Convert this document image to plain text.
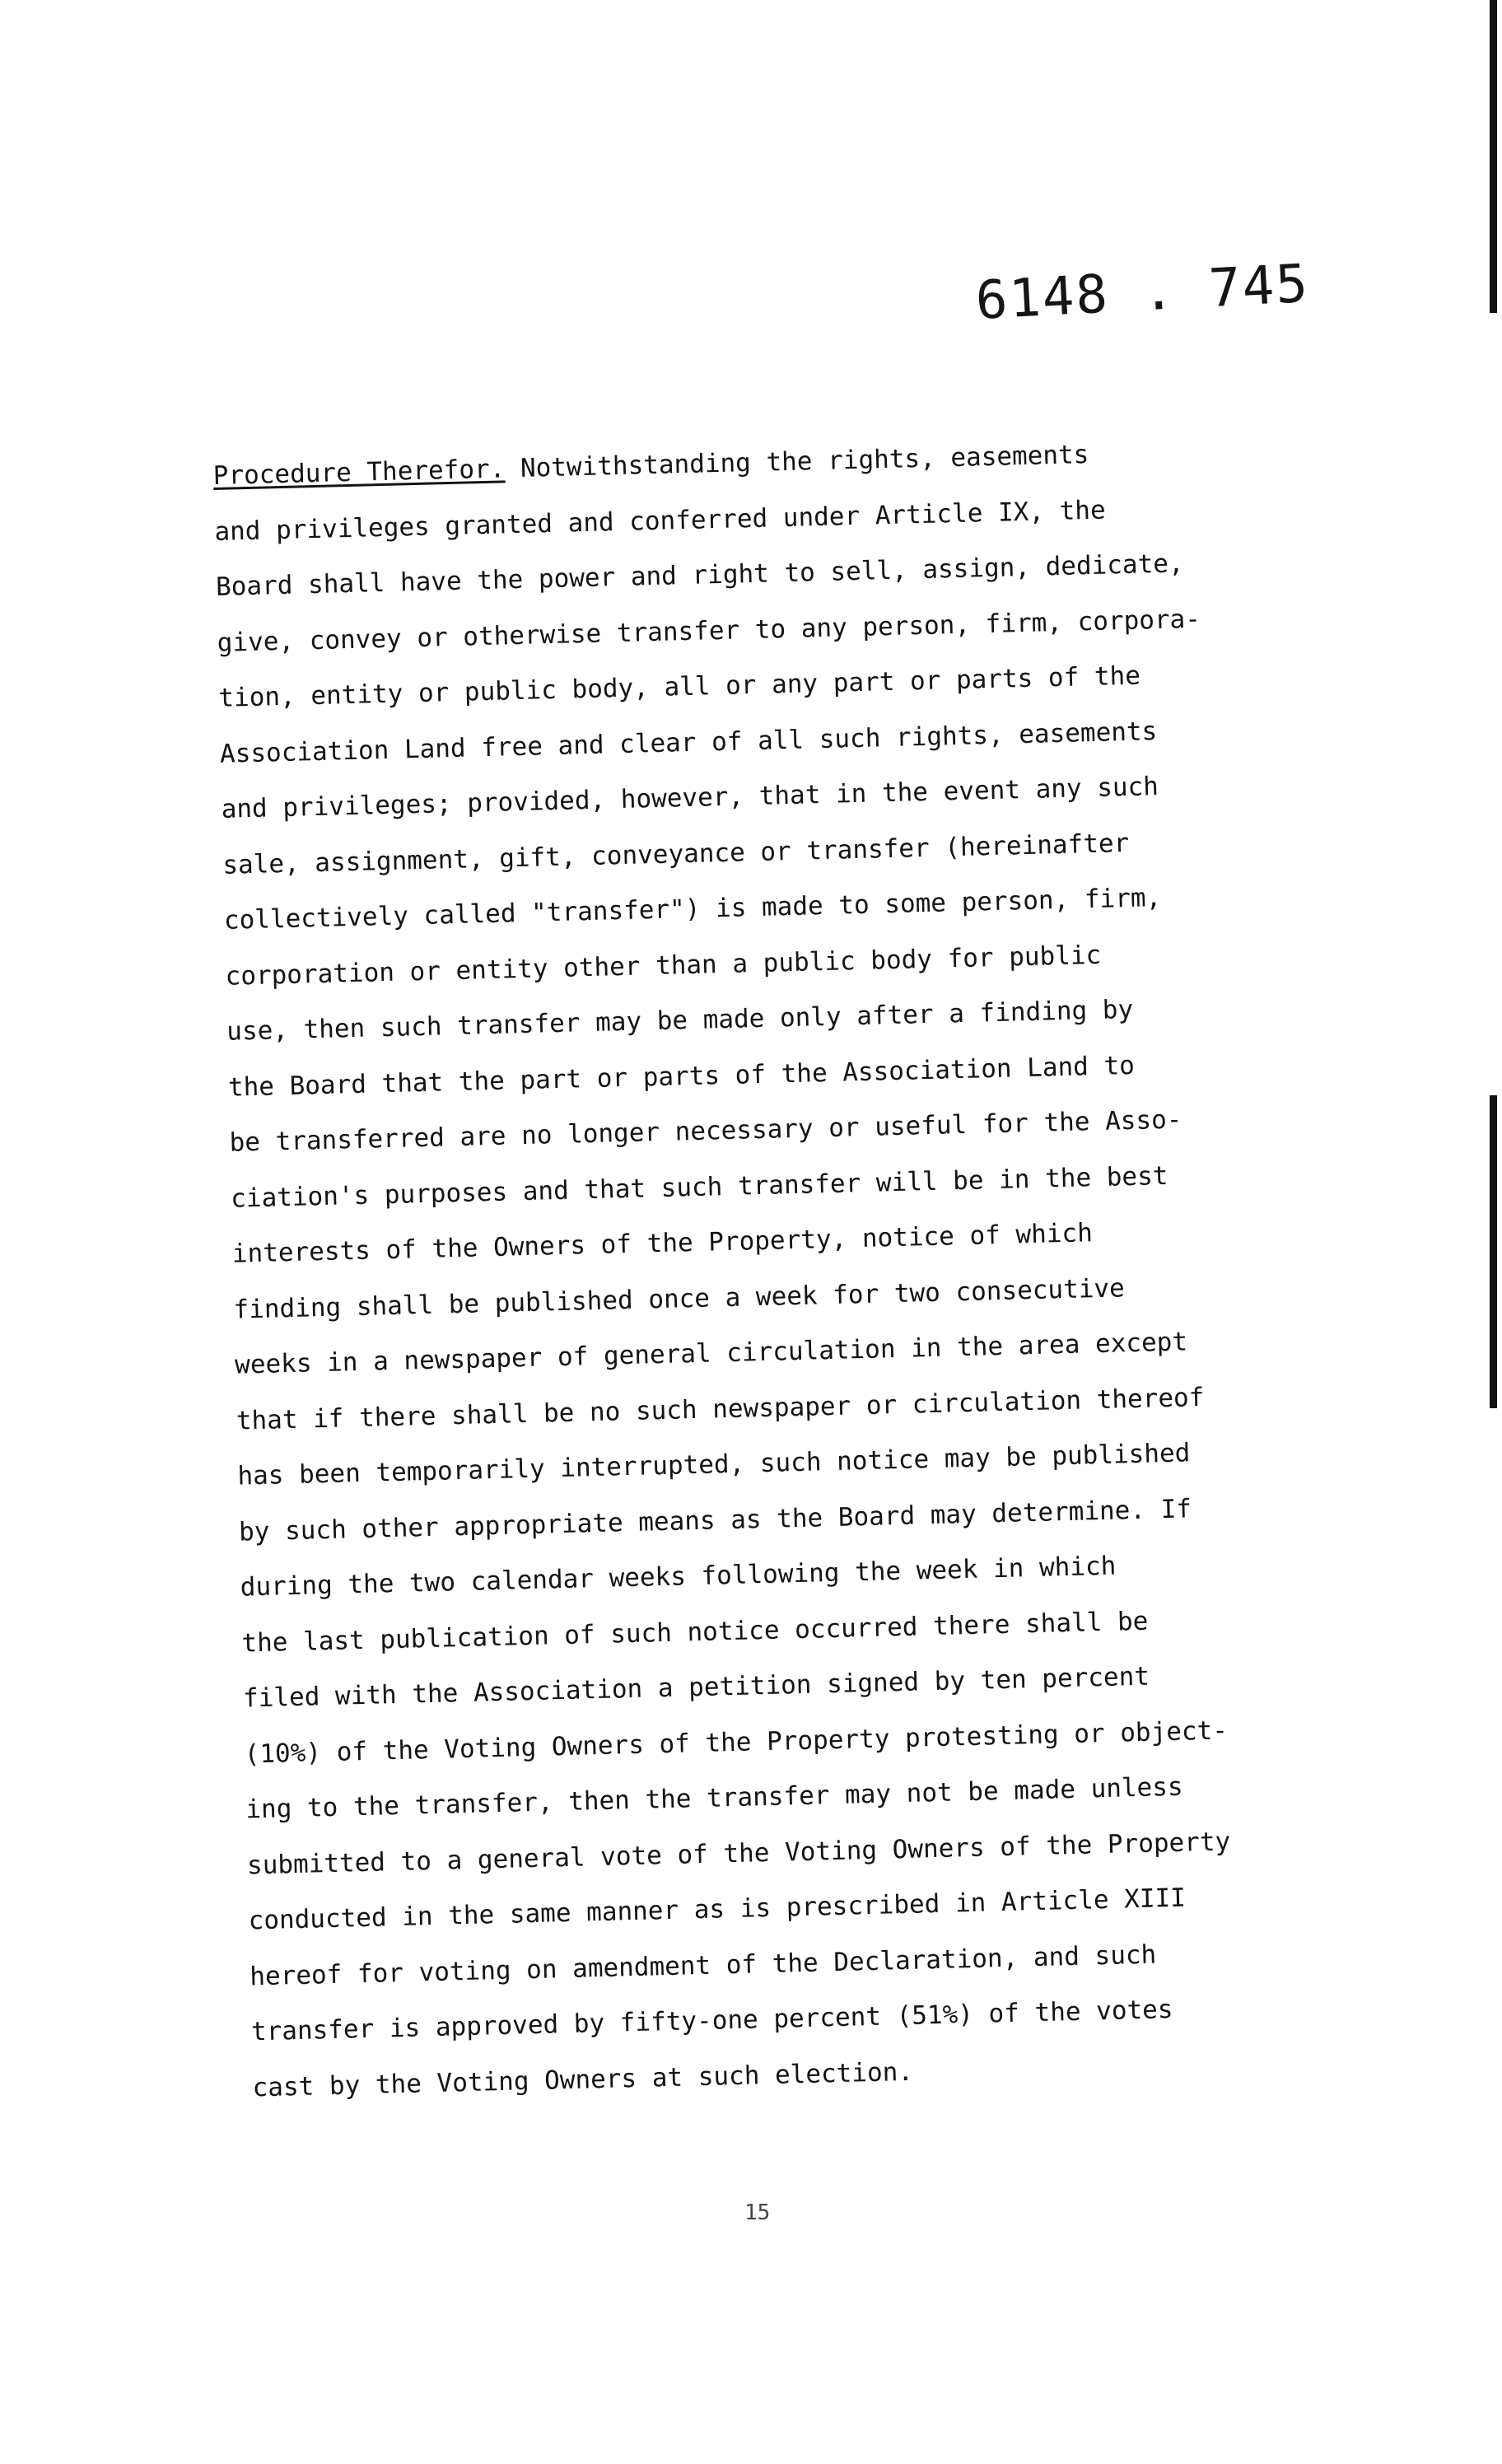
6148 . 745
Procedure Therefor. Notwithstanding the rights, easements
and privileges granted and conferred under Article IX, the
Board shall have the power and right to sell, assign, dedicate,
give, convey or otherwise transfer to any person, firm, corpora-
tion, entity or public body, all or any part or parts of the
Association Land free and clear of all such rights, easements
and privileges; provided, however, that in the event any such
sale, assignment, gift, conveyance or transfer (hereinafter
collectively called "transfer") is made to some person, firm,
corporation or entity other than a public body for public
use, then such transfer may be made only after a finding by
the Board that the part or parts of the Association Land to
be transferred are no longer necessary or useful for the Asso-
ciation's purposes and that such transfer will be in the best
interests of the Owners of the Property, notice of which
finding shall be published once a week for two consecutive
weeks in a newspaper of general circulation in the area except
that if there shall be no such newspaper or circulation thereof
has been temporarily interrupted, such notice may be published
by such other appropriate means as the Board may determine. If
during the two calendar weeks following the week in which
the last publication of such notice occurred there shall be
filed with the Association a petition signed by ten percent
(10%) of the Voting Owners of the Property protesting or object-
ing to the transfer, then the transfer may not be made unless
submitted to a general vote of the Voting Owners of the Property
conducted in the same manner as is prescribed in Article XIII
hereof for voting on amendment of the Declaration, and such
transfer is approved by fifty-one percent (51%) of the votes
cast by the Voting Owners at such election.
15
